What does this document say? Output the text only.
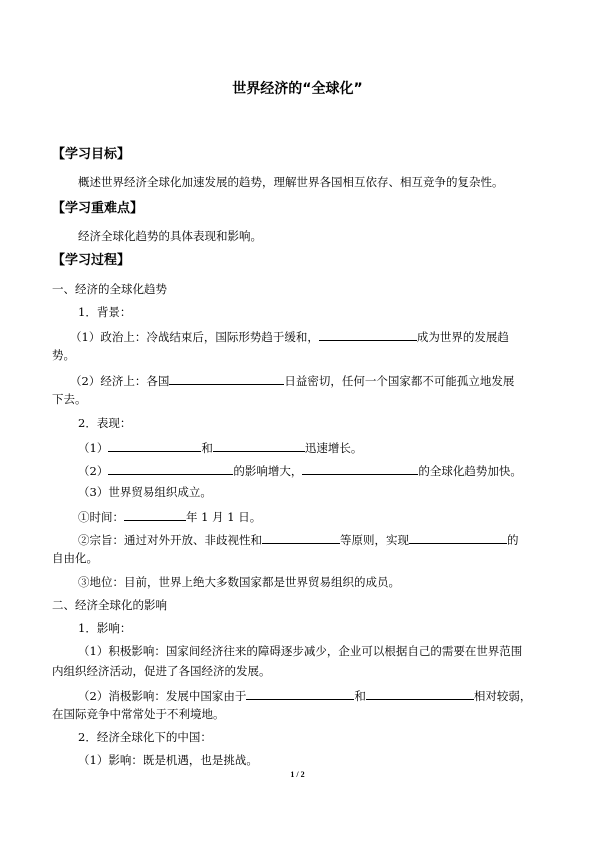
世界经济的“全球化”
【学习目标】
概述世界经济全球化加速发展的趋势，理解世界各国相互依存、相互竞争的复杂性。
【学习重难点】
经济全球化趋势的具体表现和影响。
【学习过程】
一、经济的全球化趋势
1．背景：
（1）政治上：冷战结束后，国际形势趋于缓和，	成为世界的发展趋
势。
（2）经济上：各国	日益密切，任何一个国家都不可能孤立地发展
下去。
2．表现：
（1）	和	迅速增长。
（2）	的影响增大，	的全球化趋势加快。
（3）世界贸易组织成立。
①时间：	年 1 月 1 日。
②宗旨：通过对外开放、非歧视性和	等原则，实现	的
自由化。
③地位：目前，世界上绝大多数国家都是世界贸易组织的成员。
二、经济全球化的影响
1．影响：
（1）积极影响：国家间经济往来的障碍逐步减少，企业可以根据自己的需要在世界范围
内组织经济活动，促进了各国经济的发展。
（2）消极影响：发展中国家由于	和	相对较弱，
在国际竞争中常常处于不利境地。
2．经济全球化下的中国：
（1）影响：既是机遇，也是挑战。
1 / 2
